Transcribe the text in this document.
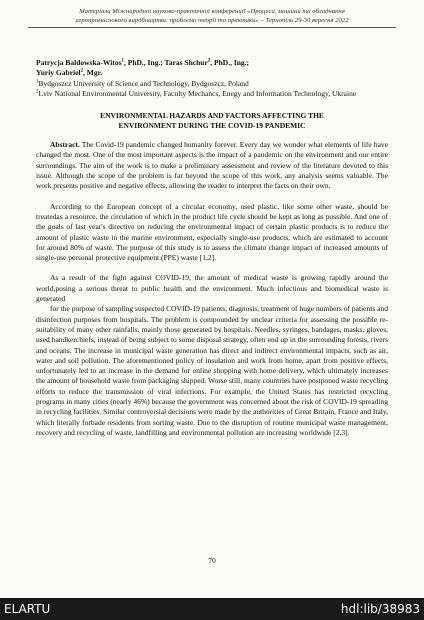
Матеріали Міжнародної науково-практичної конференції «Процеси, машини та обладнання
агропромислового виробництва: проблеми теорії та практики» – Тернопіль 29-30 вересня 2022

Patrycja Baldowska-Witos$^1$, PhD., Ing.; Taras Shchur$^2$, PhD., Ing.;

Yuriy Gabriel$^2$, Mgr.

$^1$Bydgoszcz University of Science and Technology, Bydgoszcz, Poland

$^2$Lviv National Environmental University, Faculty Mechancs, Enegy and Information Technology, Ukraine

ENVIRONMENTAL HAZARDS AND FACTORS AFFECTING THE
ENVIRONMENT DURING THE COVID-19 PANDEMIC

Abstract. The Covid-19 pandemic changed humanity forever. Every day we wonder what elements of life have changed the most. One of the most important aspects is the impact of a pandemic on the environment and our entire surroundings. The aim of the work is to make a preliminary assessment and review of the literature devoted to this issue. Although the scope of the problem is far beyond the scope of this work, any analysis seems valuable. The work presents positive and negative effects, allowing the reader to interpret the facts on their own.

According to the European concept of a circular economy, used plastic, like some other waste, should be treatedas a resource, the circulation of which in the product life cycle should be kept as long as possible. And one of the goals of last year's directive on reducing the environmental impact of certain plastic products is to reduce the amount of plastic waste in the marine environment, especially single-use products, which are estimated to account for around 80% of waste. The purpose of this study is to assess the climate change impact of increased amounts of single-use personal protective equipment (PPE) waste [1,2].

As a result of the fight against COVID-19, the amount of medical waste is growing rapidly around the world,posing a serious threat to public health and the environment. Much infectious and biomedical waste is generated

for the purpose of sampling suspected COVID-19 patients, diagnosis, treatment of huge numbers of patients and disinfection purposes from hospitals. The problem is compounded by unclear criteria for assessing the possible re-suitability of many other rainfalls, mainly those generated by hospitals. Needles, syringes, bandages, masks, gloves, used handkerchiefs, instead of being subject to some disposal strategy, often end up in the surrounding forests, rivers and oceans. The increase in municipal waste generation has direct and indirect environmental impacts, such as air, water and soil pollution. The aforementioned policy of insulation and work from home, apart from positive effects, unfortunately led to an increase in the demand for online shopping with home delivery, which ultimately increases the amount of household waste from packaging shipped. Worse still, many countries have postponed waste recycling efforts to reduce the transmission of viral infections. For example, the United States has restricted recycling programs in many cities (nearly 46%) because the government was concerned about the risk of COVID-19 spreading in recycling facilities. Similar controversial decisions were made by the authorities of Great Britain, France and Italy, which literally forbade residents from sorting waste. Due to the disruption of routine municipal waste management, recovery and recycling of waste, landfilling and environmental pollution are increasing worldwide [2,3].

70
ELARTU	hdl:lib/38983
